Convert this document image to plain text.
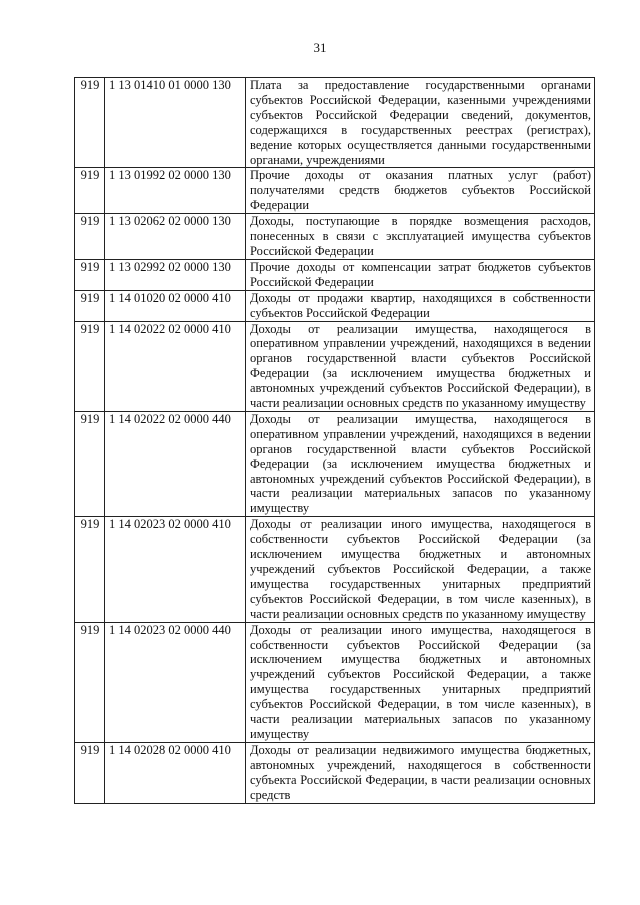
31
919	1 13 01410 01 0000 130	Плата за предоставление государственными органами субъектов Российской Федерации, казенными учреждениями субъектов Российской Федерации сведений, документов, содержащихся в государственных реестрах (регистрах), ведение которых осуществляется данными государственными органами, учреждениями
919	1 13 01992 02 0000 130	Прочие доходы от оказания платных услуг (работ) получателями средств бюджетов субъектов Российской Федерации
919	1 13 02062 02 0000 130	Доходы, поступающие в порядке возмещения расходов, понесенных в связи с эксплуатацией имущества субъектов Российской Федерации
919	1 13 02992 02 0000 130	Прочие доходы от компенсации затрат бюджетов субъектов Российской Федерации
919	1 14 01020 02 0000 410	Доходы от продажи квартир, находящихся в собственности субъектов Российской Федерации
919	1 14 02022 02 0000 410	Доходы от реализации имущества, находящегося в оперативном управлении учреждений, находящихся в ведении органов государственной власти субъектов Российской Федерации (за исключением имущества бюджетных и автономных учреждений субъектов Российской Федерации), в части реализации основных средств по указанному имуществу
919	1 14 02022 02 0000 440	Доходы от реализации имущества, находящегося в оперативном управлении учреждений, находящихся в ведении органов государственной власти субъектов Российской Федерации (за исключением имущества бюджетных и автономных учреждений субъектов Российской Федерации), в части реализации материальных запасов по указанному имуществу
919	1 14 02023 02 0000 410	Доходы от реализации иного имущества, находящегося в собственности субъектов Российской Федерации (за исключением имущества бюджетных и автономных учреждений субъектов Российской Федерации, а также имущества государственных унитарных предприятий субъектов Российской Федерации, в том числе казенных), в части реализации основных средств по указанному имуществу
919	1 14 02023 02 0000 440	Доходы от реализации иного имущества, находящегося в собственности субъектов Российской Федерации (за исключением имущества бюджетных и автономных учреждений субъектов Российской Федерации, а также имущества государственных унитарных предприятий субъектов Российской Федерации, в том числе казенных), в части реализации материальных запасов по указанному имуществу
919	1 14 02028 02 0000 410	Доходы от реализации недвижимого имущества бюджетных, автономных учреждений, находящегося в собственности субъекта Российской Федерации, в части реализации основных средств
